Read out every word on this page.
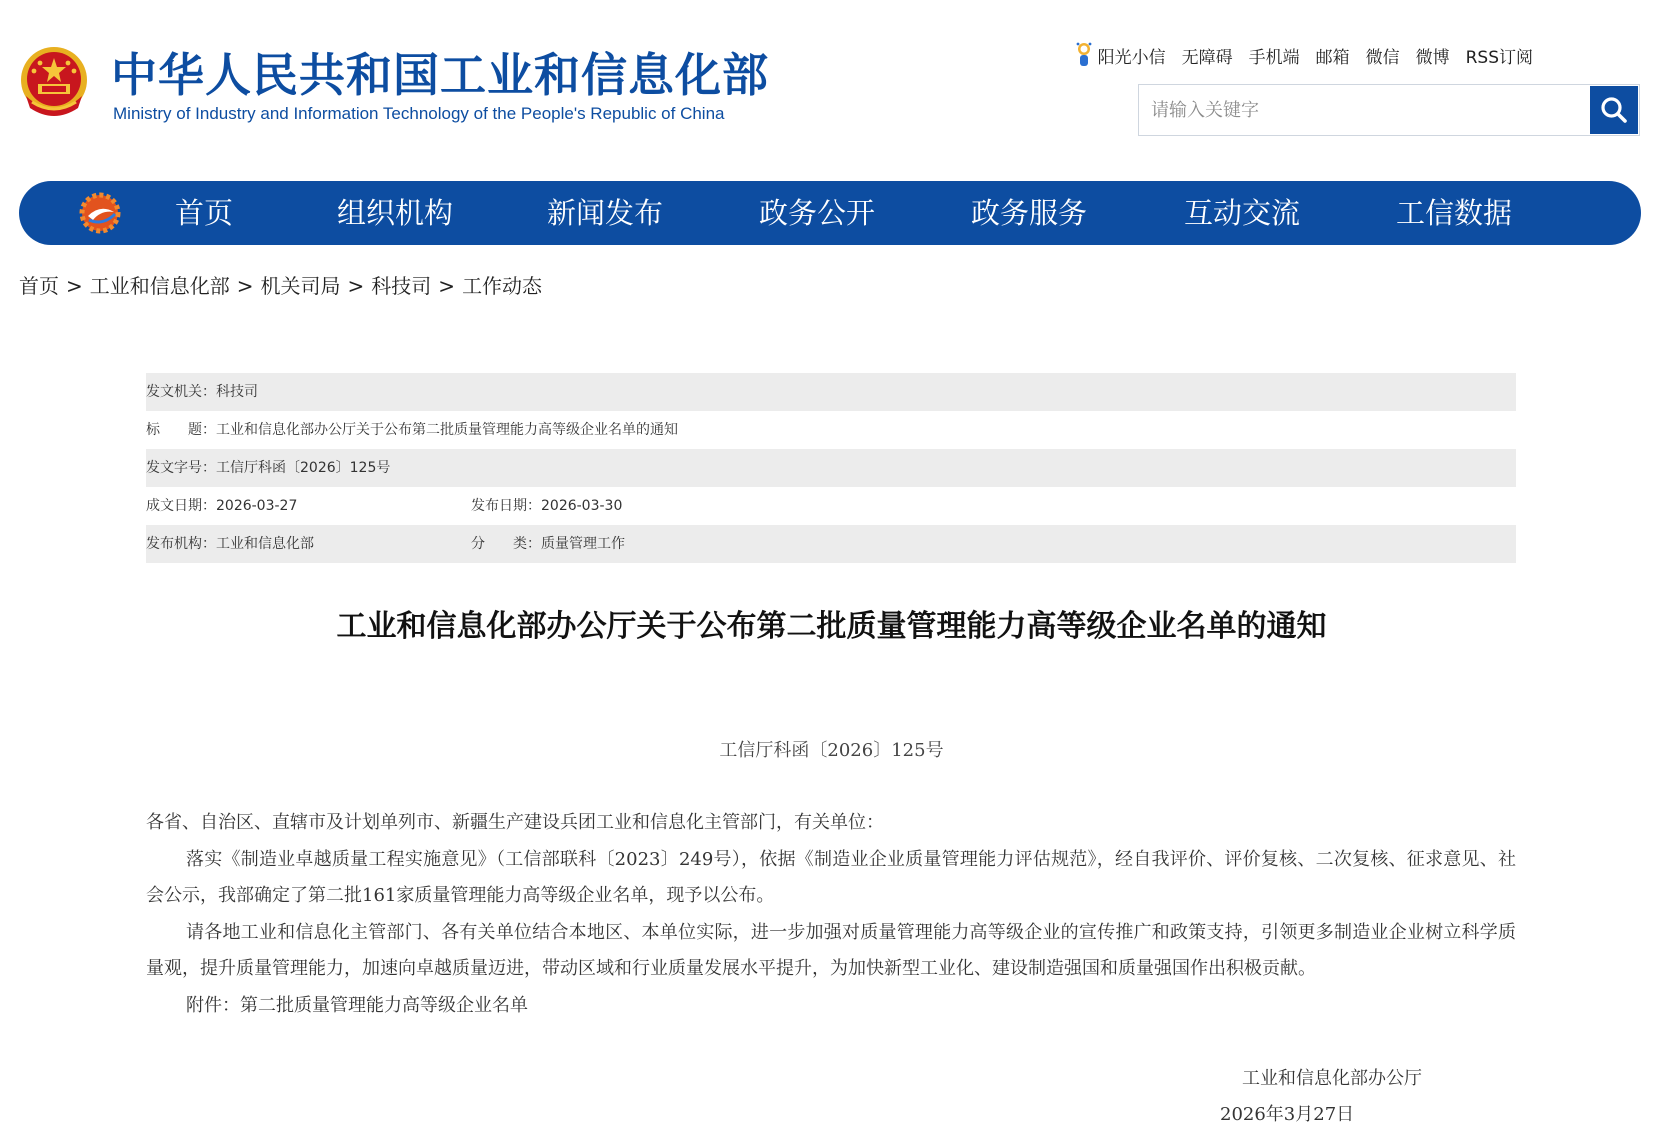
中华人民共和国工业和信息化部
Ministry of Industry and Information Technology of the People's Republic of China
阳光小信 无障碍 手机端 邮箱 微信 微博 RSS订阅
请输入关键字
首页	组织机构	新闻发布	政务公开	政务服务	互动交流	工信数据
首页 > 工业和信息化部 > 机关司局 > 科技司 > 工作动态
发文机关：科技司
标　　题：工业和信息化部办公厅关于公布第二批质量管理能力高等级企业名单的通知
发文字号：工信厅科函〔2026〕125号
成文日期：2026-03-27	发布日期：2026-03-30
发布机构：工业和信息化部	分　　类：质量管理工作
工业和信息化部办公厅关于公布第二批质量管理能力高等级企业名单的通知
工信厅科函〔2026〕125号

各省、自治区、直辖市及计划单列市、新疆生产建设兵团工业和信息化主管部门，有关单位：

落实《制造业卓越质量工程实施意见》（工信部联科〔2023〕249号），依据《制造业企业质量管理能力评估规范》，经自我评价、评价复核、二次复核、征求意见、社会公示，我部确定了第二批161家质量管理能力高等级企业名单，现予以公布。

请各地工业和信息化主管部门、各有关单位结合本地区、本单位实际，进一步加强对质量管理能力高等级企业的宣传推广和政策支持，引领更多制造业企业树立科学质量观，提升质量管理能力，加速向卓越质量迈进，带动区域和行业质量发展水平提升，为加快新型工业化、建设制造强国和质量强国作出积极贡献。

附件：第二批质量管理能力高等级企业名单

工业和信息化部办公厅
2026年3月27日
